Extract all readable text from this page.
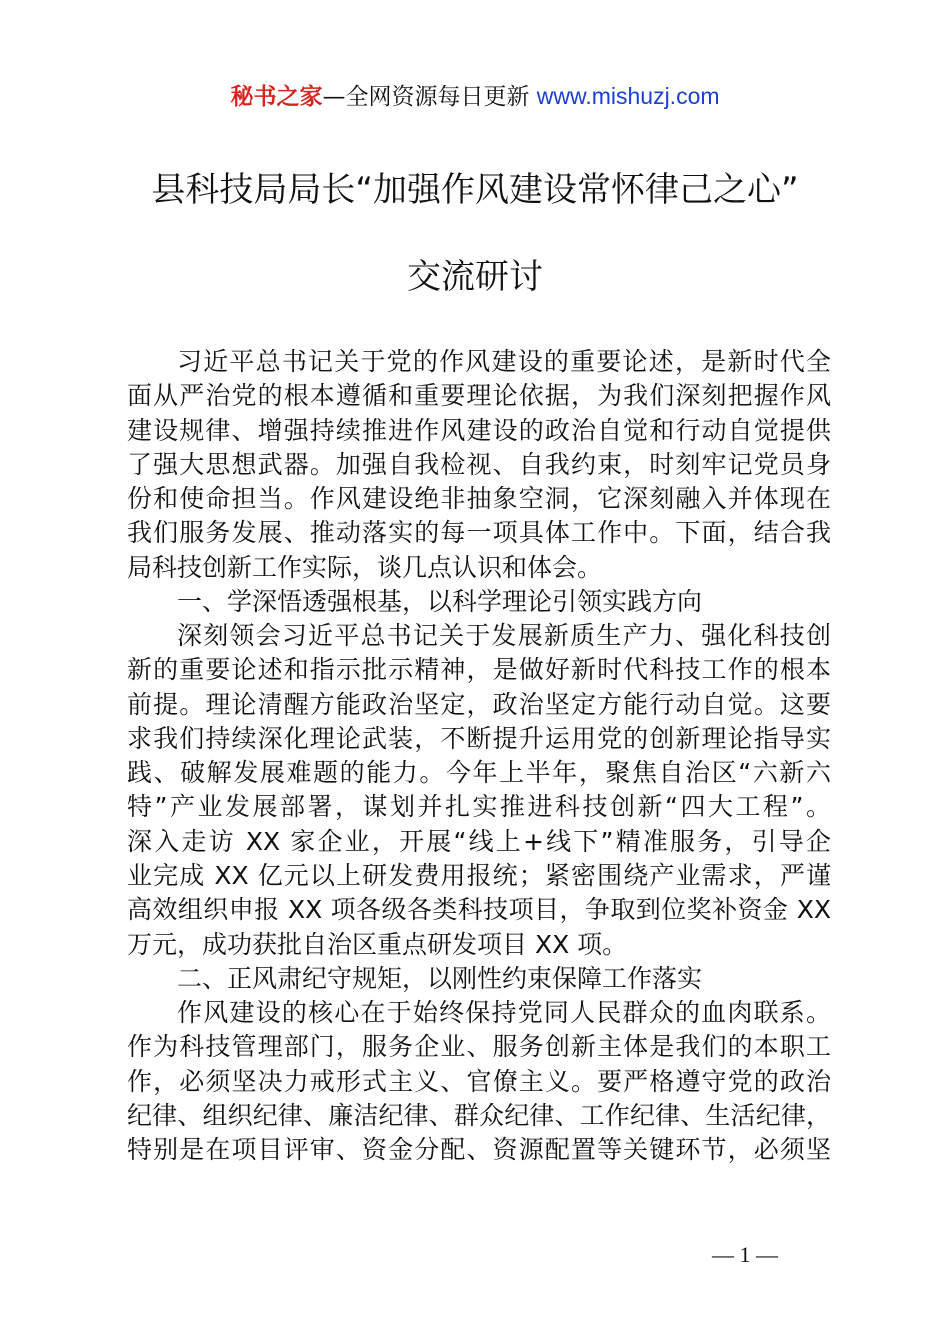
秘书之家—全网资源每日更新 www.mishuzj.com
县科技局局长“加强作风建设常怀律己之心”
交流研讨
习近平总书记关于党的作风建设的重要论述，是新时代全
面从严治党的根本遵循和重要理论依据，为我们深刻把握作风
建设规律、增强持续推进作风建设的政治自觉和行动自觉提供
了强大思想武器。加强自我检视、自我约束，时刻牢记党员身
份和使命担当。作风建设绝非抽象空洞，它深刻融入并体现在
我们服务发展、推动落实的每一项具体工作中。下面，结合我
局科技创新工作实际，谈几点认识和体会。
一、学深悟透强根基，以科学理论引领实践方向
深刻领会习近平总书记关于发展新质生产力、强化科技创
新的重要论述和指示批示精神，是做好新时代科技工作的根本
前提。理论清醒方能政治坚定，政治坚定方能行动自觉。这要
求我们持续深化理论武装，不断提升运用党的创新理论指导实
践、破解发展难题的能力。今年上半年，聚焦自治区“六新六
特”产业发展部署，谋划并扎实推进科技创新“四大工程”。
深入走访 XX 家企业，开展“线上+线下”精准服务，引导企
业完成 XX 亿元以上研发费用报统；紧密围绕产业需求，严谨
高效组织申报 XX 项各级各类科技项目，争取到位奖补资金 XX
万元，成功获批自治区重点研发项目 XX 项。
二、正风肃纪守规矩，以刚性约束保障工作落实
作风建设的核心在于始终保持党同人民群众的血肉联系。
作为科技管理部门，服务企业、服务创新主体是我们的本职工
作，必须坚决力戒形式主义、官僚主义。要严格遵守党的政治
纪律、组织纪律、廉洁纪律、群众纪律、工作纪律、生活纪律，
特别是在项目评审、资金分配、资源配置等关键环节，必须坚
— 1 —
